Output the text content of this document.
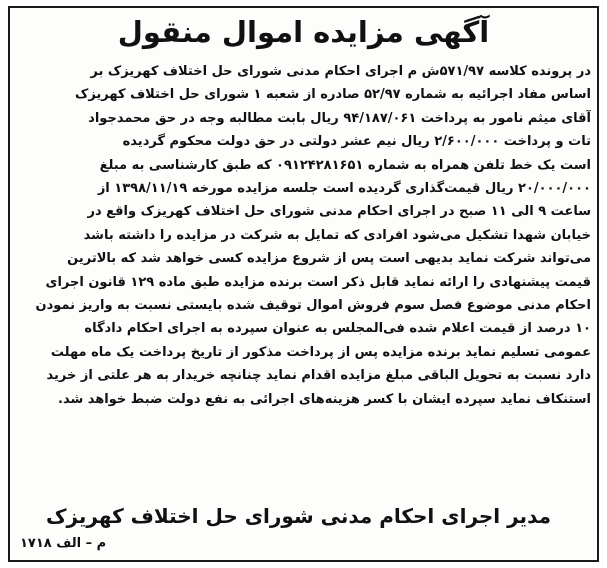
آگهی مزایده اموال منقول
در پرونده کلاسه ۵۷۱/۹۷ش م اجرای احکام مدنی شورای حل اختلاف کهریزک بر
اساس مفاد اجرائیه به شماره ۵۲/۹۷ صادره از شعبه ۱ شورای حل اختلاف کهریزک
آقای میثم نامور به پرداخت ۹۴/۱۸۷/۰۶۱ ریال بابت مطالبه وجه در حق محمدجواد
تات و پرداخت ۲/۶۰۰/۰۰۰ ریال نیم عشر دولتی در حق دولت محکوم گردیده
است یک خط تلفن همراه به شماره ۰۹۱۲۴۲۸۱۶۵۱ که طبق کارشناسی به مبلغ
۲۰/۰۰۰/۰۰۰ ریال قیمت‌گذاری گردیده است جلسه مزایده مورخه ۱۳۹۸/۱۱/۱۹ از
ساعت ۹ الی ۱۱ صبح در اجرای احکام مدنی شورای حل اختلاف کهریزک واقع در
خیابان شهدا تشکیل می‌شود افرادی که تمایل به شرکت در مزایده را داشته باشد
می‌تواند شرکت نماید بدیهی است پس از شروع مزایده کسی خواهد شد که بالاترین
قیمت پیشنهادی را ارائه نماید قابل ذکر است برنده مزایده طبق ماده ۱۲۹ قانون اجرای
احکام مدنی موضوع فصل سوم فروش اموال توقیف شده بایستی نسبت به واریز نمودن
۱۰ درصد از قیمت اعلام شده فی‌المجلس به عنوان سپرده به اجرای احکام دادگاه
عمومی تسلیم نماید برنده مزایده پس از پرداخت مذکور از تاریخ پرداخت یک ماه مهلت
دارد نسبت به تحویل الباقی مبلغ مزایده اقدام نماید چنانچه خریدار به هر علتی از خرید
استنکاف نماید سپرده ایشان با کسر هزینه‌های اجرائی به نفع دولت ضبط خواهد شد.
مدیر اجرای احکام مدنی شورای حل اختلاف کهریزک
م – الف ۱۷۱۸
